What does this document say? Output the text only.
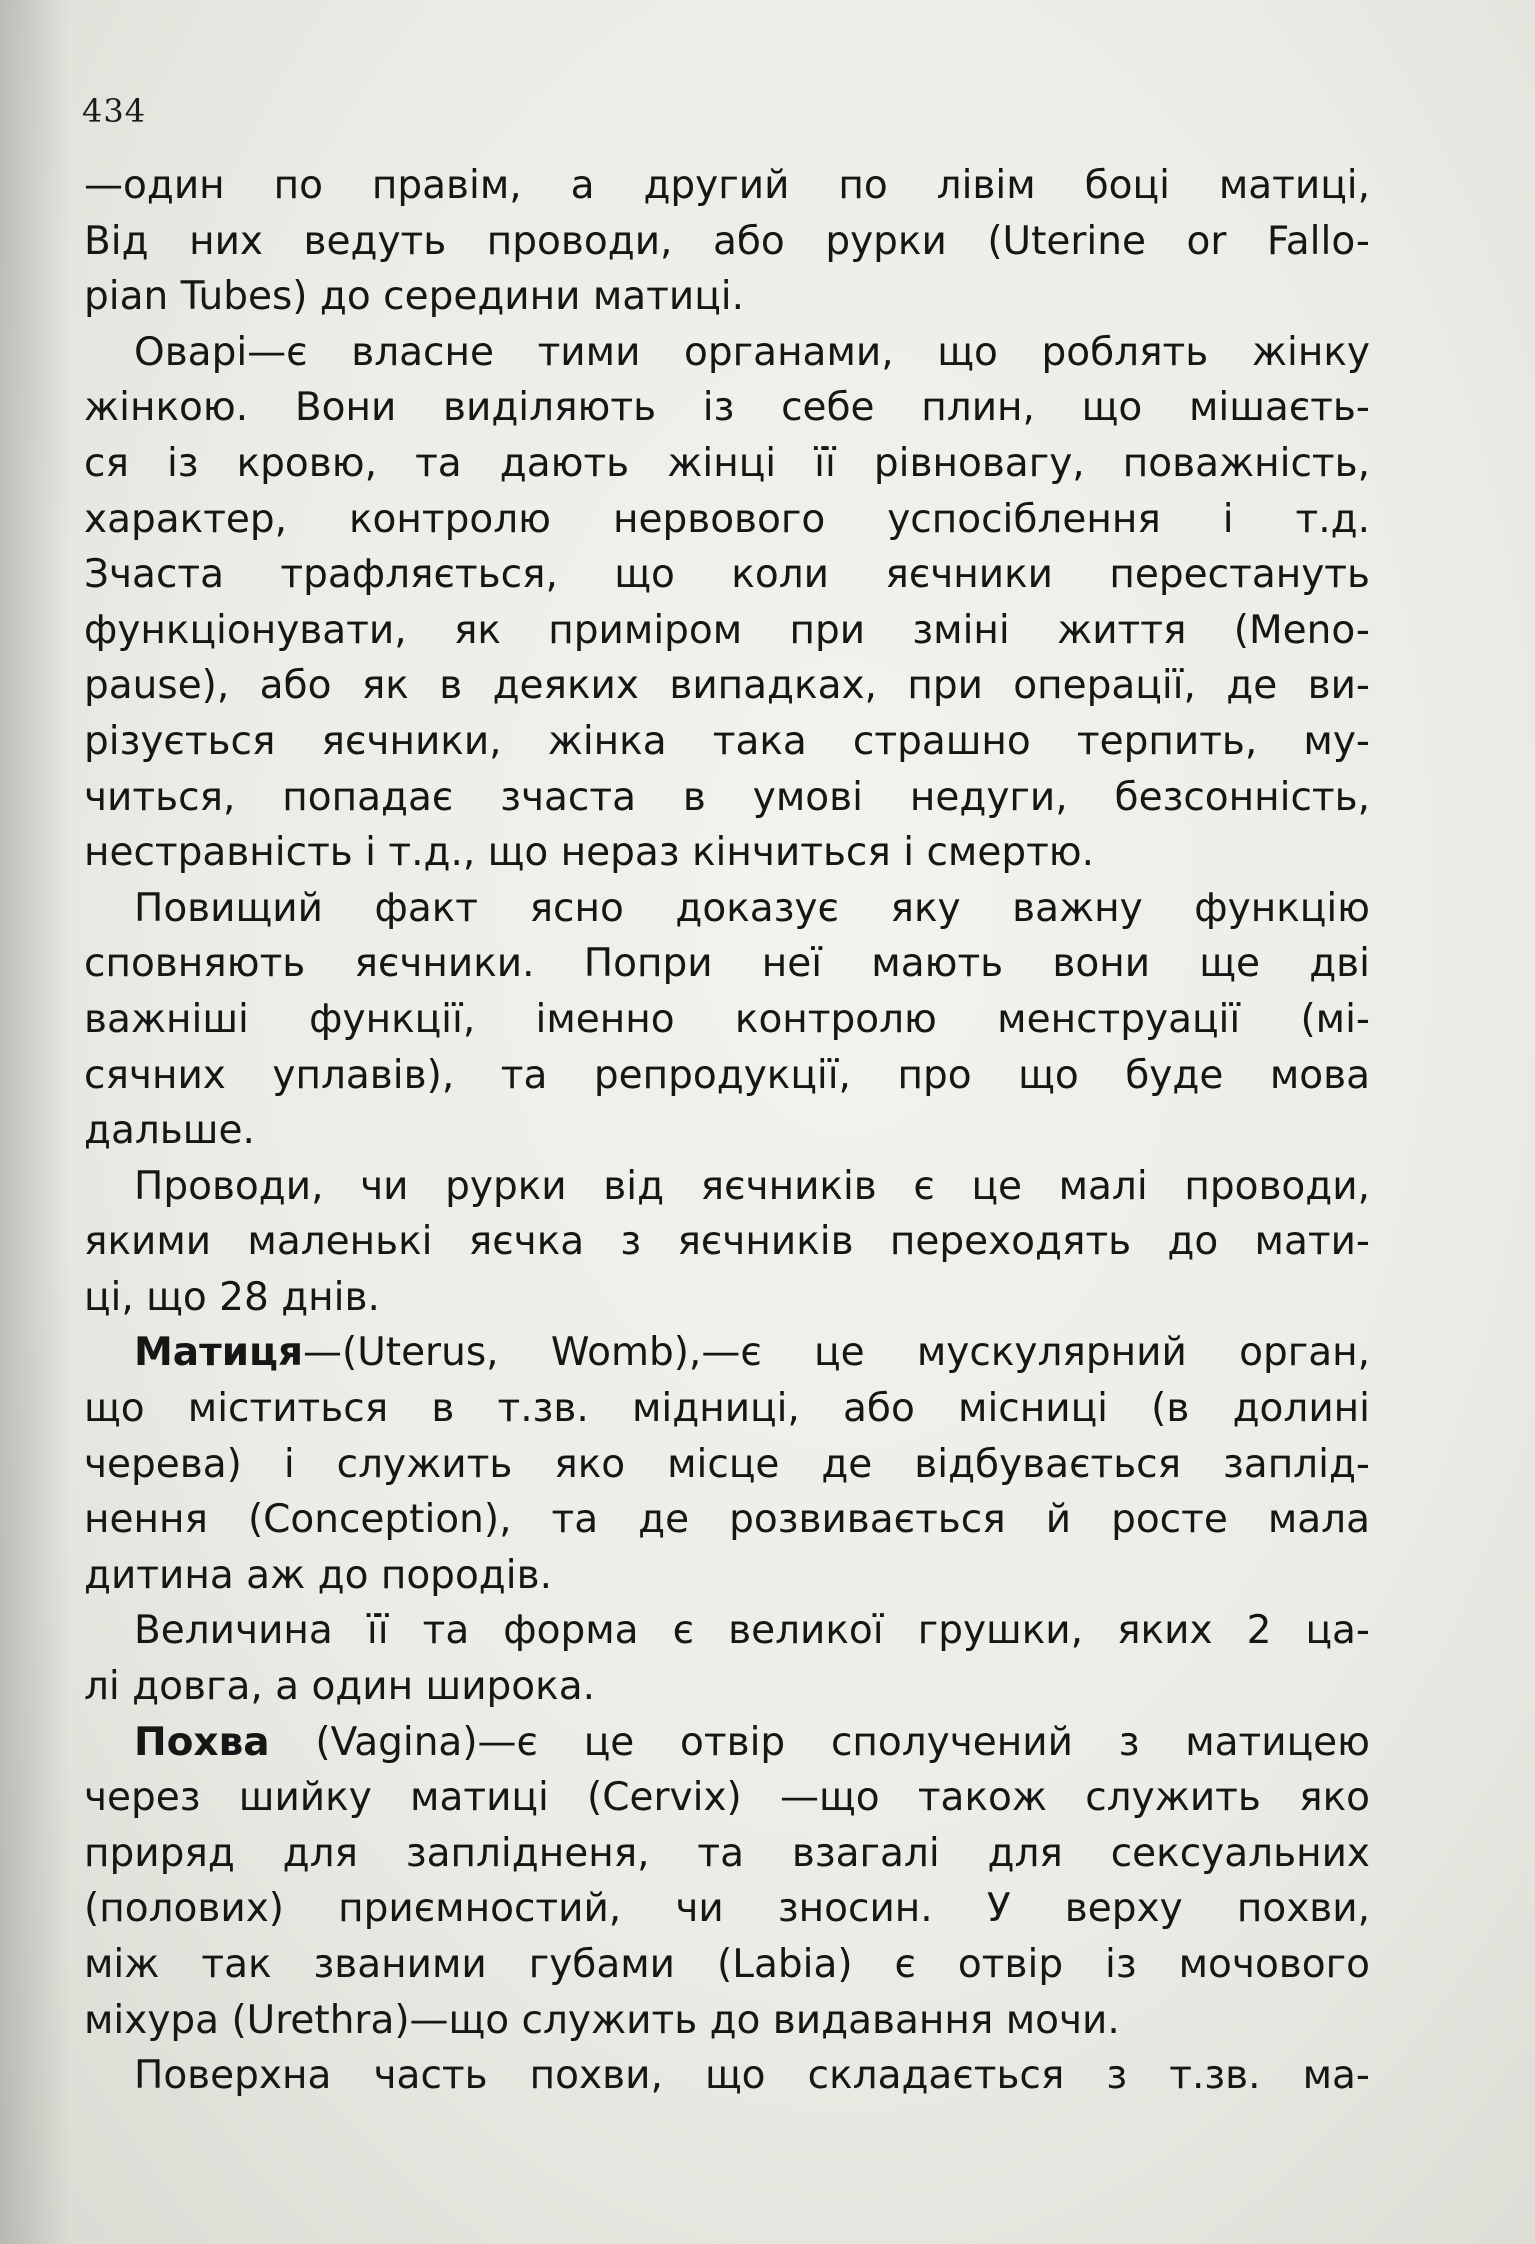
434
—один по правім, а другий по лівім боці матиці,
Від них ведуть проводи, або рурки (Uterine or Fallo-
pian Tubes) до середини матиці.
Оварі—є власне тими органами, що роблять жінку
жінкою. Вони виділяють із себе плин, що мішаєть-
ся із кровю, та дають жінці її рівновагу, поважність,
характер, контролю нервового успосіблення і т.д.
Зчаста трафляється, що коли яєчники перестануть
функціонувати, як приміром при зміні життя (Meno-
pause), або як в деяких випадках, при операції, де ви-
різується яєчники, жінка така страшно терпить, му-
читься, попадає зчаста в умові недуги, безсонність,
нестравність і т.д., що нераз кінчиться і смертю.
Повищий факт ясно доказує яку важну функцію
сповняють яєчники. Попри неї мають вони ще дві
важніші функції, іменно контролю менструації (мі-
сячних уплавів), та репродукції, про що буде мова
дальше.
Проводи, чи рурки від яєчників є це малі проводи,
якими маленькі яєчка з яєчників переходять до мати-
ці, що 28 днів.
Матиця—(Uterus, Womb),—є це мускулярний орган,
що міститься в т.зв. мідниці, або місниці (в долині
черева) і служить яко місце де відбувається заплід-
нення (Conception), та де розвивається й росте мала
дитина аж до породів.
Величина її та форма є великої грушки, яких 2 ца-
лі довга, а один широка.
Похва (Vagina)—є це отвір сполучений з матицею
через шийку матиці (Cervix) —що також служить яко
приряд для заплідненя, та взагалі для сексуальних
(полових) приємностий, чи зносин. У верху похви,
між так званими губами (Labia) є отвір із мочового
міхура (Urethra)—що служить до видавання мочи.
Поверхна часть похви, що складається з т.зв. ма-
